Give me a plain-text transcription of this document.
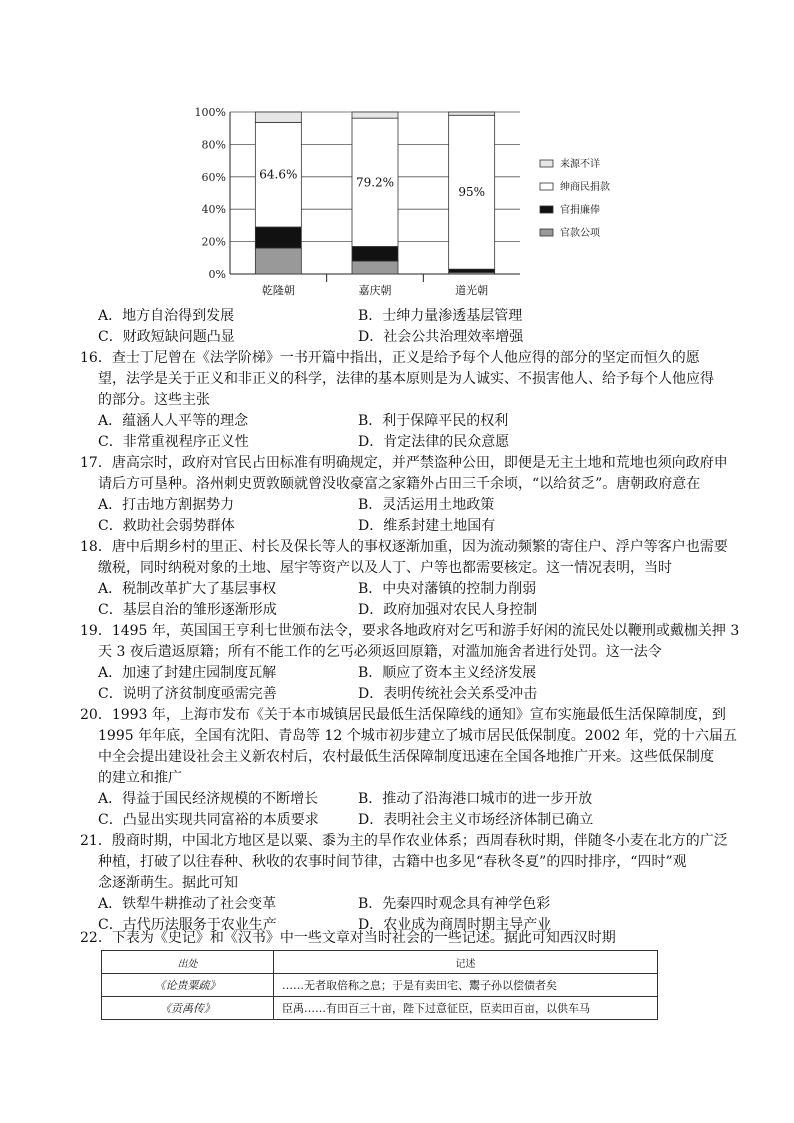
0%
20%
40%
60%
80%
100%
64.6%
乾隆朝
79.2%
嘉庆朝
95%
道光朝
来源不详
绅商民捐款
官捐廉俸
官款公项
A．地方自治得到发展	B．士绅力量渗透基层管理
C．财政短缺问题凸显	D．社会公共治理效率增强
16．查士丁尼曾在《法学阶梯》一书开篇中指出，正义是给予每个人他应得的部分的坚定而恒久的愿
望，法学是关于正义和非正义的科学，法律的基本原则是为人诚实、不损害他人、给予每个人他应得
的部分。这些主张
A．蕴涵人人平等的理念	B．利于保障平民的权利
C．非常重视程序正义性	D．肯定法律的民众意愿
17．唐高宗时，政府对官民占田标准有明确规定，并严禁盗种公田，即便是无主土地和荒地也须向政府申
请后方可垦种。洛州刺史贾敦颐就曾没收豪富之家籍外占田三千余顷，“以给贫乏”。唐朝政府意在
A．打击地方割据势力	B．灵活运用土地政策
C．救助社会弱势群体	D．维系封建土地国有
18．唐中后期乡村的里正、村长及保长等人的事权逐渐加重，因为流动频繁的寄住户、浮户等客户也需要
缴税，同时纳税对象的土地、屋宇等资产以及人丁、户等也都需要核定。这一情况表明，当时
A．税制改革扩大了基层事权	B．中央对藩镇的控制力削弱
C．基层自治的雏形逐渐形成	D．政府加强对农民人身控制
19．1495 年，英国国王亨利七世颁布法令，要求各地政府对乞丐和游手好闲的流民处以鞭刑或戴枷关押 3
天 3 夜后遣返原籍；所有不能工作的乞丐必须返回原籍，对滥加施舍者进行处罚。这一法令
A．加速了封建庄园制度瓦解	B．顺应了资本主义经济发展
C．说明了济贫制度亟需完善	D．表明传统社会关系受冲击
20．1993 年，上海市发布《关于本市城镇居民最低生活保障线的通知》宣布实施最低生活保障制度，到
1995 年年底，全国有沈阳、青岛等 12 个城市初步建立了城市居民低保制度。2002 年，党的十六届五
中全会提出建设社会主义新农村后，农村最低生活保障制度迅速在全国各地推广开来。这些低保制度
的建立和推广
A．得益于国民经济规模的不断增长	B．推动了沿海港口城市的进一步开放
C．凸显出实现共同富裕的本质要求	D．表明社会主义市场经济体制已确立
21．殷商时期，中国北方地区是以粟、黍为主的旱作农业体系；西周春秋时期，伴随冬小麦在北方的广泛
种植，打破了以往春种、秋收的农事时间节律，古籍中也多见“春秋冬夏”的四时排序，“四时”观
念逐渐萌生。据此可知
A．铁犁牛耕推动了社会变革	B．先秦四时观念具有神学色彩
C．古代历法服务于农业生产	D．农业成为商周时期主导产业
22．下表为《史记》和《汉书》中一些文章对当时社会的一些记述。据此可知西汉时期
出处	记述
《论贵粟疏》	……无者取倍称之息；于是有卖田宅、鬻子孙以偿债者矣
《贡禹传》	臣禹……有田百三十亩，陛下过意征臣，臣卖田百亩，以供车马
